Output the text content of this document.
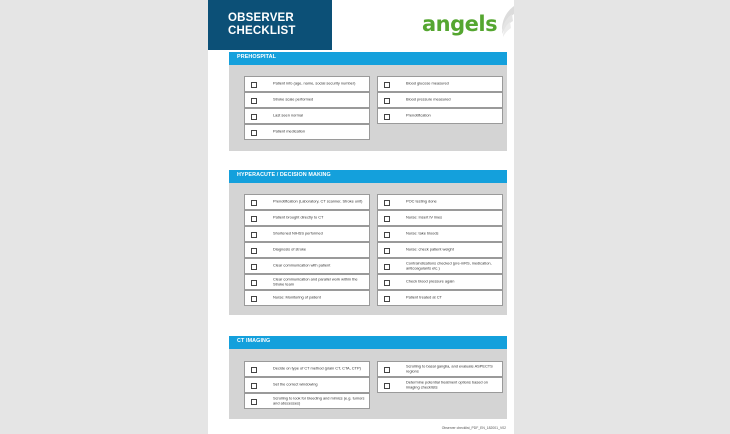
OBSERVER
CHECKLIST	angels
PREHOSPITAL
Patient info (age, name, social security number)
Stroke scale performed
Last seen normal
Patient medication
Blood glucose measured
Blood pressure measured
Prenotification
HYPERACUTE / DECISION MAKING
Prenotification (Laboratory, CT scanner, Stroke unit)
Patient brought directly to CT
Shortened NIHSS performed
Diagnosis of stroke
Clear communication with patient
Clear communication and parallel work within the Stroke team
Nurse: Monitoring of patient
POC testing done
Nurse: Insert IV lines
Nurse: take bloods
Nurse: check patient weight
Contraindications checked (pre-mRS, medication, anticoagulants etc.)
Check blood pressure again
Patient treated at CT
CT IMAGING
Decide on type of CT method (plain CT, CTA, CTP)
Set the correct windowing
Scrolling to look for bleeding and mimics (e.g. tumors and abscesses)
Scrolling to basal ganglia, and evaluate ASPECTS regions
Determine potential treatment options based on imaging checklists
Observer checklist_PDF_EN_182001_V02
